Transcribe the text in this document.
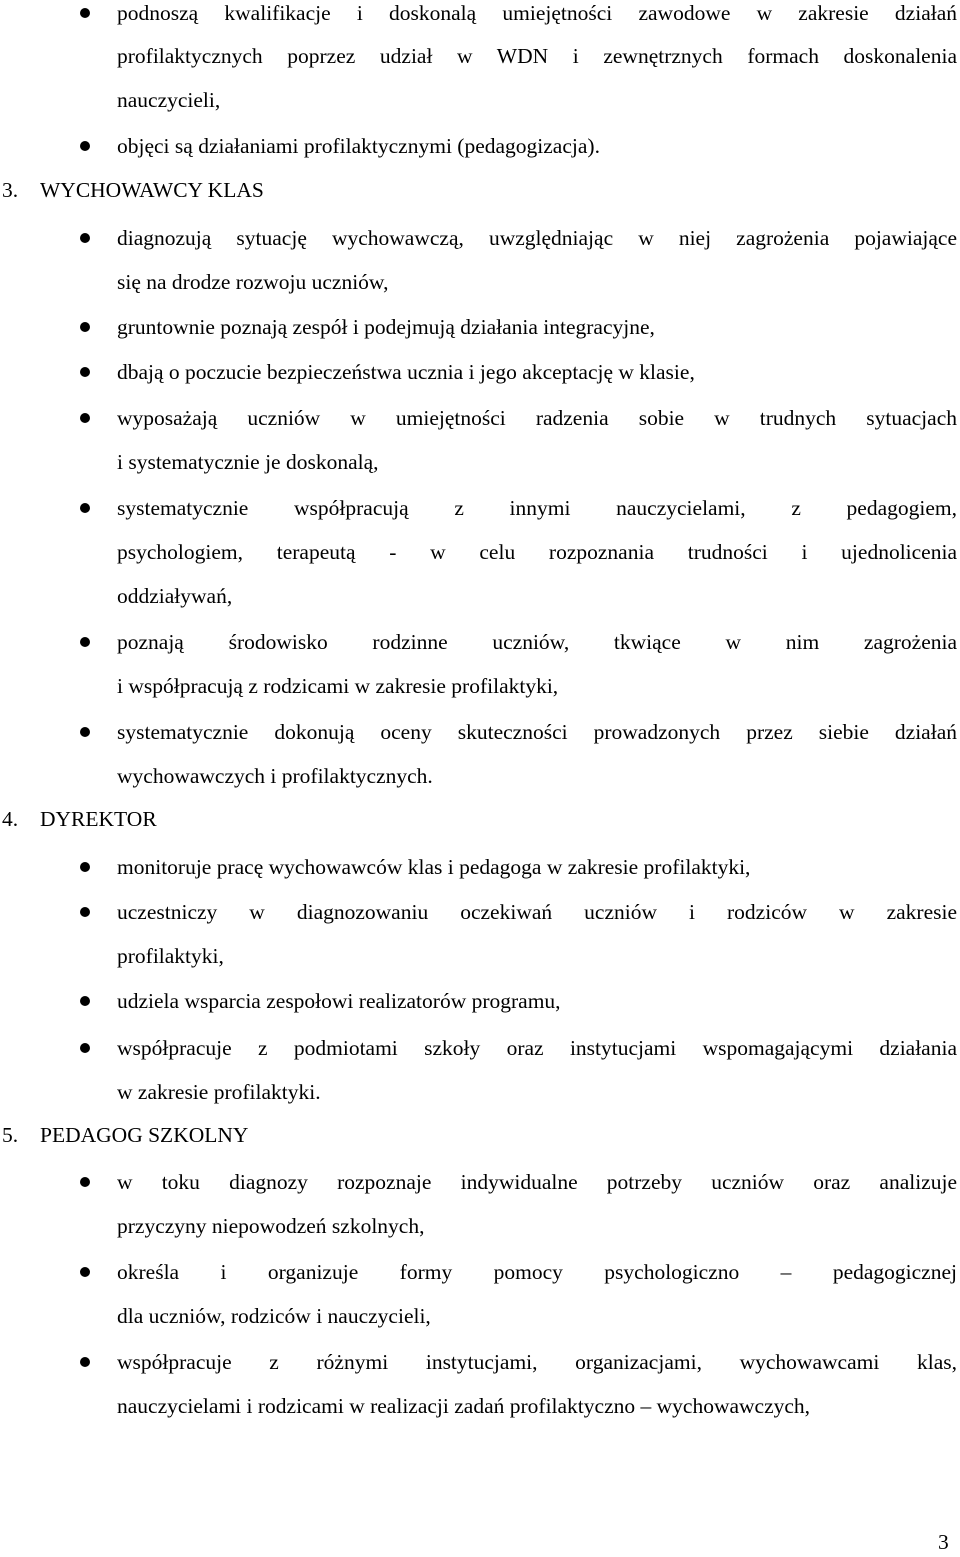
podnoszą kwalifikacje i doskonalą umiejętności zawodowe w zakresie działań
profilaktycznych poprzez udział w WDN i zewnętrznych formach doskonalenia
nauczycieli,
objęci są działaniami profilaktycznymi (pedagogizacja).
3. WYCHOWAWCY KLAS
diagnozują sytuację wychowawczą, uwzględniając w niej zagrożenia pojawiające
się na drodze rozwoju uczniów,
gruntownie poznają zespół i podejmują działania integracyjne,
dbają o poczucie bezpieczeństwa ucznia i jego akceptację w klasie,
wyposażają uczniów w umiejętności radzenia sobie w trudnych sytuacjach
i systematycznie je doskonalą,
systematycznie współpracują z innymi nauczycielami, z pedagogiem,
psychologiem, terapeutą - w celu rozpoznania trudności i ujednolicenia
oddziaływań,
poznają środowisko rodzinne uczniów, tkwiące w nim zagrożenia
i współpracują z rodzicami w zakresie profilaktyki,
systematycznie dokonują oceny skuteczności prowadzonych przez siebie działań
wychowawczych i profilaktycznych.
4. DYREKTOR
monitoruje pracę wychowawców klas i pedagoga w zakresie profilaktyki,
uczestniczy w diagnozowaniu oczekiwań uczniów i rodziców w zakresie
profilaktyki,
udziela wsparcia zespołowi realizatorów programu,
współpracuje z podmiotami szkoły oraz instytucjami wspomagającymi działania
w zakresie profilaktyki.
5. PEDAGOG SZKOLNY
w toku diagnozy rozpoznaje indywidualne potrzeby uczniów oraz analizuje
przyczyny niepowodzeń szkolnych,
określa i organizuje formy pomocy psychologiczno – pedagogicznej
dla uczniów, rodziców i nauczycieli,
współpracuje z różnymi instytucjami, organizacjami, wychowawcami klas,
nauczycielami i rodzicami w realizacji zadań profilaktyczno – wychowawczych,
3
